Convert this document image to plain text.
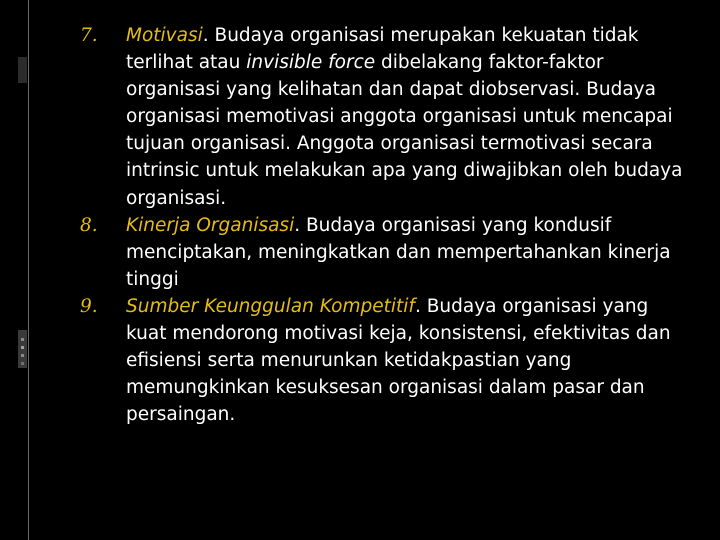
7.	Motivasi. Budaya organisasi merupakan kekuatan tidak terlihat atau invisible force dibelakang faktor-faktor organisasi yang kelihatan dan dapat diobservasi. Budaya organisasi memotivasi anggota organisasi untuk mencapai tujuan organisasi. Anggota organisasi termotivasi secara intrinsic untuk melakukan apa yang diwajibkan oleh budaya organisasi.

8.	Kinerja Organisasi. Budaya organisasi yang kondusif menciptakan, meningkatkan dan mempertahankan kinerja tinggi

9.	Sumber Keunggulan Kompetitif. Budaya organisasi yang kuat mendorong motivasi keja, konsistensi, efektivitas dan efisiensi serta menurunkan ketidakpastian yang memungkinkan kesuksesan organisasi dalam pasar dan persaingan.
